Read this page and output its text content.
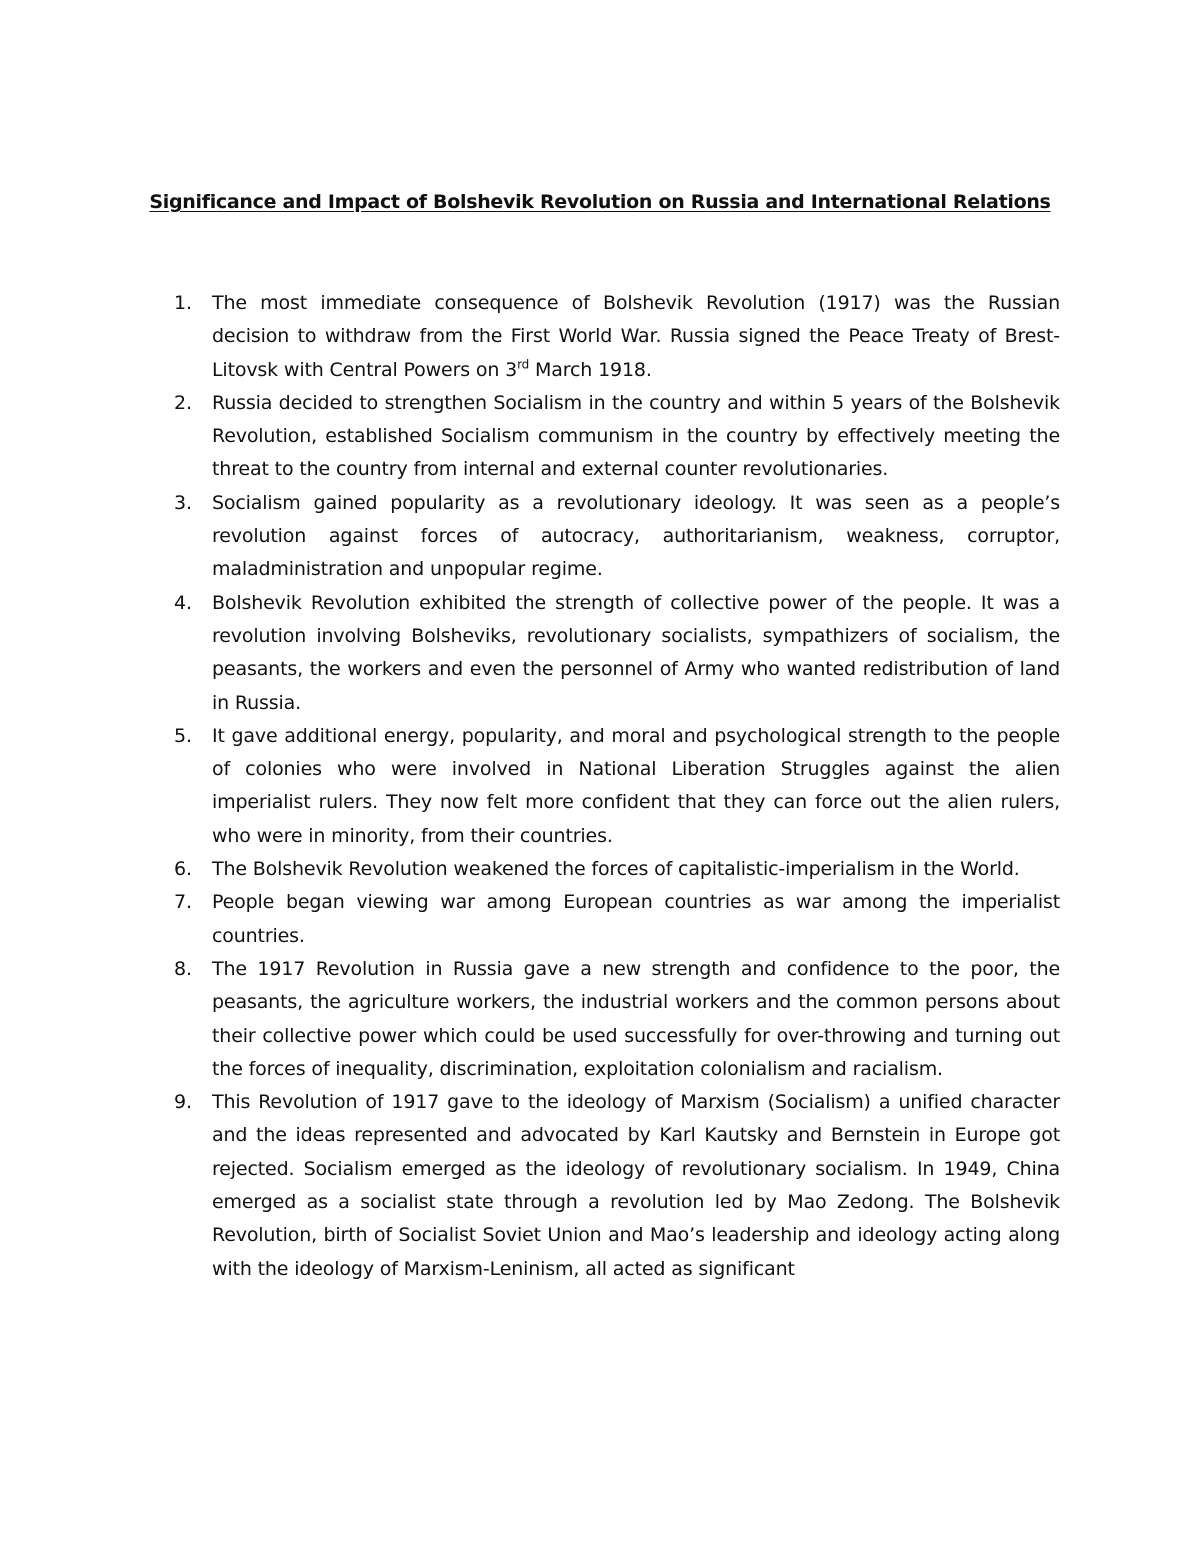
Significance and Impact of Bolshevik Revolution on Russia and International Relations
1.	The most immediate consequence of Bolshevik Revolution (1917) was the Russian decision to withdraw from the First World War. Russia signed the Peace Treaty of Brest-Litovsk with Central Powers on 3rd March 1918.
2.	Russia decided to strengthen Socialism in the country and within 5 years of the Bolshevik Revolution, established Socialism communism in the country by effectively meeting the threat to the country from internal and external counter revolutionaries.
3.	Socialism gained popularity as a revolutionary ideology. It was seen as a people’s revolution against forces of autocracy, authoritarianism, weakness, corruptor, maladministration and unpopular regime.
4.	Bolshevik Revolution exhibited the strength of collective power of the people. It was a revolution involving Bolsheviks, revolutionary socialists, sympathizers of socialism, the peasants, the workers and even the personnel of Army who wanted redistribution of land in Russia.
5.	It gave additional energy, popularity, and moral and psychological strength to the people of colonies who were involved in National Liberation Struggles against the alien imperialist rulers. They now felt more confident that they can force out the alien rulers, who were in minority, from their countries.
6.	The Bolshevik Revolution weakened the forces of capitalistic-imperialism in the World.
7.	People began viewing war among European countries as war among the imperialist countries.
8.	The 1917 Revolution in Russia gave a new strength and confidence to the poor, the peasants, the agriculture workers, the industrial workers and the common persons about their collective power which could be used successfully for over-throwing and turning out the forces of inequality, discrimination, exploitation colonialism and racialism.
9.	This Revolution of 1917 gave to the ideology of Marxism (Socialism) a unified character and the ideas represented and advocated by Karl Kautsky and Bernstein in Europe got rejected. Socialism emerged as the ideology of revolutionary socialism. In 1949, China emerged as a socialist state through a revolution led by Mao Zedong. The Bolshevik Revolution, birth of Socialist Soviet Union and Mao’s leadership and ideology acting along with the ideology of Marxism-Leninism, all acted as significant
